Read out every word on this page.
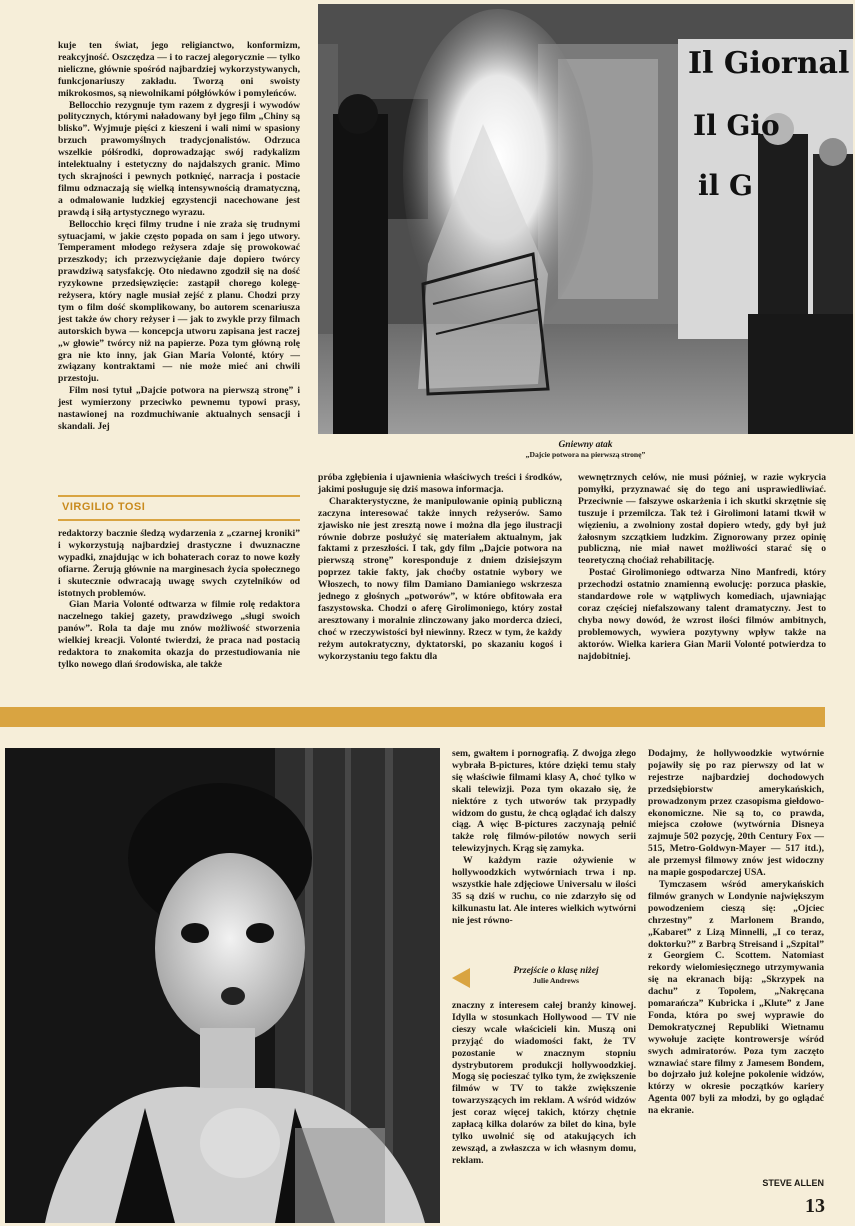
kuje ten świat, jego religianctwo, konformizm, reakcyjność. Oszczędza — i to raczej alegorycznie — tylko nieliczne, głównie spośród najbardziej wykorzystywanych, funkcjonariuszy zakładu. Tworzą oni swoisty mikrokosmos, są niewolnikami półgłówków i pomyleńców.

Bellocchio rezygnuje tym razem z dygresji i wywodów politycznych, którymi naładowany był jego film „Chiny są blisko”. Wyjmuje pięści z kieszeni i wali nimi w spasiony brzuch prawomyślnych tradycjonalistów. Odrzuca wszelkie półśrodki, doprowadzając swój radykalizm intelektualny i estetyczny do najdalszych granic. Mimo tych skrajności i pewnych potknięć, narracja i postacie filmu odznaczają się wielką intensywnością dramatyczną, a odmalowanie ludzkiej egzystencji nacechowane jest prawdą i siłą artystycznego wyrazu.

Bellocchio kręci filmy trudne i nie zraża się trudnymi sytuacjami, w jakie często popada on sam i jego utwory. Temperament młodego reżysera zdaje się prowokować przeszkody; ich przezwyciężanie daje dopiero twórcy prawdziwą satysfakcję. Oto niedawno zgodził się na dość ryzykowne przedsięwzięcie: zastąpił chorego kolegę-reżysera, który nagle musiał zejść z planu. Chodzi przy tym o film dość skomplikowany, bo autorem scenariusza jest także ów chory reżyser i — jak to zwykle przy filmach autorskich bywa — koncepcja utworu zapisana jest raczej „w głowie” twórcy niż na papierze. Poza tym główną rolę gra nie kto inny, jak Gian Maria Volonté, który — związany kontraktami — nie może mieć ani chwili przestoju.

Film nosi tytuł „Dajcie potwora na pierwszą stronę” i jest wymierzony przeciwko pewnemu typowi prasy, nastawionej na rozdmuchiwanie aktualnych sensacji i skandali. Jej

VIRGILIO TOSI

redaktorzy bacznie śledzą wydarzenia z „czarnej kroniki” i wykorzystują najbardziej drastyczne i dwuznaczne wypadki, znajdując w ich bohaterach coraz to nowe kozły ofiarne. Żerują głównie na marginesach życia społecznego i skutecznie odwracają uwagę swych czytelników od istotnych problemów.

Gian Maria Volonté odtwarza w filmie rolę redaktora naczelnego takiej gazety, prawdziwego „sługi swoich panów”. Rola ta daje mu znów możliwość stworzenia wielkiej kreacji. Volonté twierdzi, że praca nad postacią redaktora to znakomita okazja do przestudiowania nie tylko nowego dlań środowiska, ale także

Il Giornal
Il Gio
il G
Gniewny atak
„Dajcie potwora na pierwszą stronę”

próba zgłębienia i ujawnienia właściwych treści i środków, jakimi posługuje się dziś masowa informacja.

Charakterystyczne, że manipulowanie opinią publiczną zaczyna interesować także innych reżyserów. Samo zjawisko nie jest zresztą nowe i można dla jego ilustracji równie dobrze posłużyć się materiałem aktualnym, jak faktami z przeszłości. I tak, gdy film „Dajcie potwora na pierwszą stronę” koresponduje z dniem dzisiejszym poprzez takie fakty, jak choćby ostatnie wybory we Włoszech, to nowy film Damiano Damianiego wskrzesza jednego z głośnych „potworów”, w które obfitowała era faszystowska. Chodzi o aferę Girolimoniego, który został aresztowany i moralnie zlinczowany jako morderca dzieci, choć w rzeczywistości był niewinny. Rzecz w tym, że każdy reżym autokratyczny, dyktatorski, po skazaniu kogoś i wykorzystaniu tego faktu dla

wewnętrznych celów, nie musi później, w razie wykrycia pomyłki, przyznawać się do tego ani usprawiedliwiać. Przeciwnie — fałszywe oskarżenia i ich skutki skrzętnie się tuszuje i przemilcza. Tak też i Girolimoni latami tkwił w więzieniu, a zwolniony został dopiero wtedy, gdy był już żałosnym szczątkiem ludzkim. Zignorowany przez opinię publiczną, nie miał nawet możliwości starać się o teoretyczną choćiaż rehabilitację.

Postać Girolimoniego odtwarza Nino Manfredi, który przechodzi ostatnio znamienną ewolucję: porzuca płaskie, standardowe role w wątpliwych komediach, ujawniając coraz częściej niefalszowany talent dramatyczny. Jest to chyba nowy dowód, że wzrost ilości filmów ambitnych, problemowych, wywiera pozytywny wpływ także na aktorów. Wielka kariera Gian Marii Volonté potwierdza to najdobitniej.

sem, gwałtem i pornografią. Z dwojga złego wybrała B-pictures, które dzięki temu stały się właściwie filmami klasy A, choć tylko w skali telewizji. Poza tym okazało się, że niektóre z tych utworów tak przypadły widzom do gustu, że chcą oglądać ich dalszy ciąg. A więc B-pictures zaczynają pełnić także rolę filmów-pilotów nowych serii telewizyjnych. Krąg się zamyka.

W każdym razie ożywienie w hollywoodzkich wytwórniach trwa i np. wszystkie hale zdjęciowe Universalu w ilości 35 są dziś w ruchu, co nie zdarzyło się od kilkunastu lat. Ale interes wielkich wytwórni nie jest równo-

Przejście o klasę niżej
Julie Andrews

znaczny z interesem całej branży kinowej. Idylla w stosunkach Hollywood — TV nie cieszy wcale właścicieli kin. Muszą oni przyjąć do wiadomości fakt, że TV pozostanie w znacznym stopniu dystrybutorem produkcji hollywoodzkiej. Mogą się pocieszać tylko tym, że zwiększenie filmów w TV to także zwiększenie towarzyszących im reklam. A wśród widzów jest coraz więcej takich, którzy chętnie zapłacą kilka dolarów za bilet do kina, byle tylko uwolnić się od atakujących ich zewsząd, a zwłaszcza w ich własnym domu, reklam.

Dodajmy, że hollywoodzkie wytwórnie pojawiły się po raz pierwszy od lat w rejestrze najbardziej dochodowych przedsiębiorstw amerykańskich, prowadzonym przez czasopisma giełdowo-ekonomiczne. Nie są to, co prawda, miejsca czołowe (wytwórnia Disneya zajmuje 502 pozycję, 20th Century Fox — 515, Metro-Goldwyn-Mayer — 517 itd.), ale przemysł filmowy znów jest widoczny na mapie gospodarczej USA.

Tymczasem wśród amerykańskich filmów granych w Londynie największym powodzeniem cieszą się: „Ojciec chrzestny” z Marlonem Brando, „Kabaret” z Lizą Minnelli, „I co teraz, doktorku?” z Barbrą Streisand i „Szpital” z Georgiem C. Scottem. Natomiast rekordy wielomiesięcznego utrzymywania się na ekranach biją: „Skrzypek na dachu” z Topolem, „Nakręcana pomarańcza” Kubricka i „Klute” z Jane Fonda, która po swej wyprawie do Demokratycznej Republiki Wietnamu wywołuje zacięte kontrowersje wśród swych admiratorów. Poza tym zaczęto wznawiać stare filmy z Jamesem Bondem, bo dojrzało już kolejne pokolenie widzów, którzy w okresie początków kariery Agenta 007 byli za młodzi, by go oglądać na ekranie.

STEVE ALLEN
13
